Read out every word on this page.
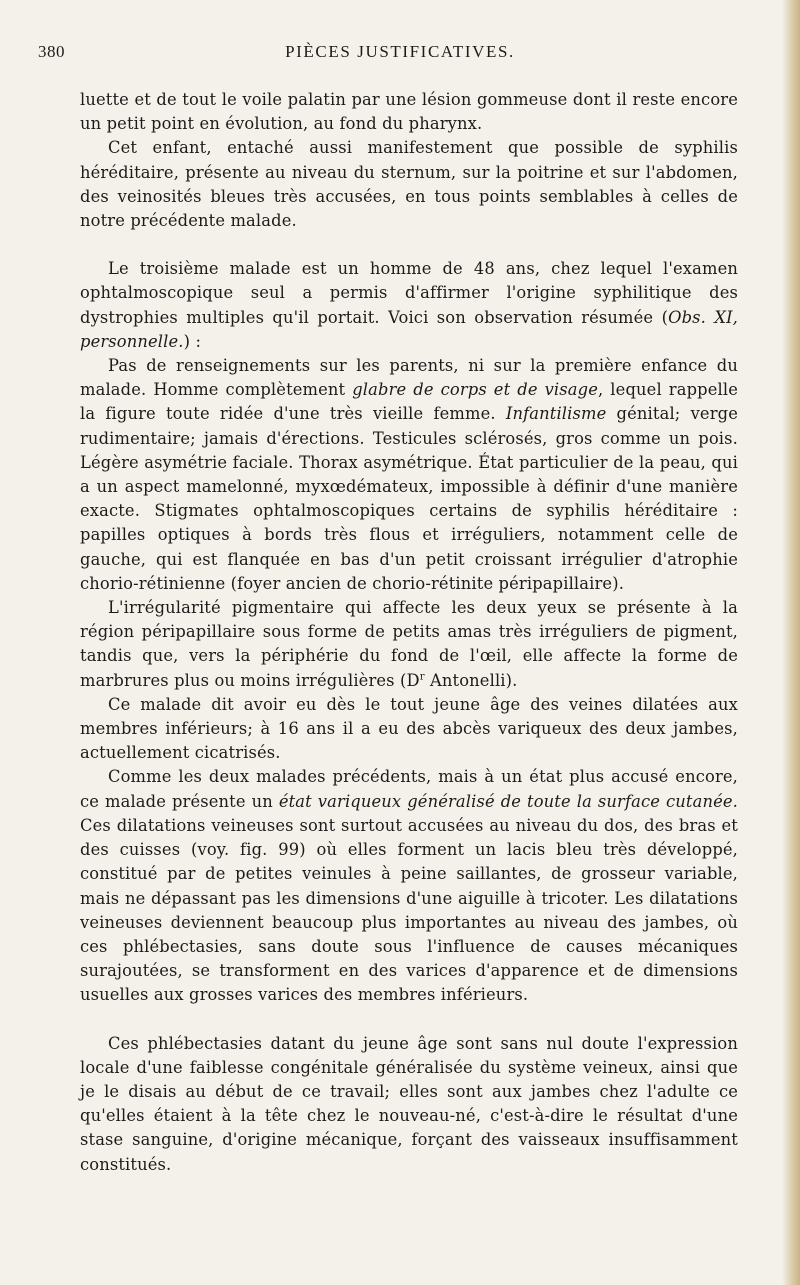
380	PIÈCES JUSTIFICATIVES.

luette et de tout le voile palatin par une lésion gommeuse dont il reste encore un petit point en évolution, au fond du pharynx.

Cet enfant, entaché aussi manifestement que possible de syphilis héréditaire, présente au niveau du sternum, sur la poitrine et sur l'abdomen, des veinosités bleues très accusées, en tous points semblables à celles de notre précédente malade.

Le troisième malade est un homme de 48 ans, chez lequel l'examen ophtalmoscopique seul a permis d'affirmer l'origine syphilitique des dystrophies multiples qu'il portait. Voici son observation résumée (Obs. XI, personnelle.) :

Pas de renseignements sur les parents, ni sur la première enfance du malade. Homme complètement glabre de corps et de visage, lequel rappelle la figure toute ridée d'une très vieille femme. Infantilisme génital; verge rudimentaire; jamais d'érections. Testicules sclérosés, gros comme un pois. Légère asymétrie faciale. Thorax asymétrique. État particulier de la peau, qui a un aspect mamelonné, myxœdémateux, impossible à définir d'une manière exacte. Stigmates ophtalmoscopiques certains de syphilis héréditaire : papilles optiques à bords très flous et irréguliers, notamment celle de gauche, qui est flanquée en bas d'un petit croissant irrégulier d'atrophie chorio-rétinienne (foyer ancien de chorio-rétinite péripapillaire).

L'irrégularité pigmentaire qui affecte les deux yeux se présente à la région péripapillaire sous forme de petits amas très irréguliers de pigment, tandis que, vers la périphérie du fond de l'œil, elle affecte la forme de marbrures plus ou moins irrégulières ($D^r$ Antonelli).

Ce malade dit avoir eu dès le tout jeune âge des veines dilatées aux membres inférieurs; à 16 ans il a eu des abcès variqueux des deux jambes, actuellement cicatrisés.

Comme les deux malades précédents, mais à un état plus accusé encore, ce malade présente un état variqueux généralisé de toute la surface cutanée. Ces dilatations veineuses sont surtout accusées au niveau du dos, des bras et des cuisses (voy. fig. 99) où elles forment un lacis bleu très développé, constitué par de petites veinules à peine saillantes, de grosseur variable, mais ne dépassant pas les dimensions d'une aiguille à tricoter. Les dilatations veineuses deviennent beaucoup plus importantes au niveau des jambes, où ces phlébectasies, sans doute sous l'influence de causes mécaniques surajoutées, se transforment en des varices d'apparence et de dimensions usuelles aux grosses varices des membres inférieurs.

Ces phlébectasies datant du jeune âge sont sans nul doute l'expression locale d'une faiblesse congénitale généralisée du système veineux, ainsi que je le disais au début de ce travail; elles sont aux jambes chez l'adulte ce qu'elles étaient à la tête chez le nouveau-né, c'est-à-dire le résultat d'une stase sanguine, d'origine mécanique, forçant des vaisseaux insuffisamment constitués.
